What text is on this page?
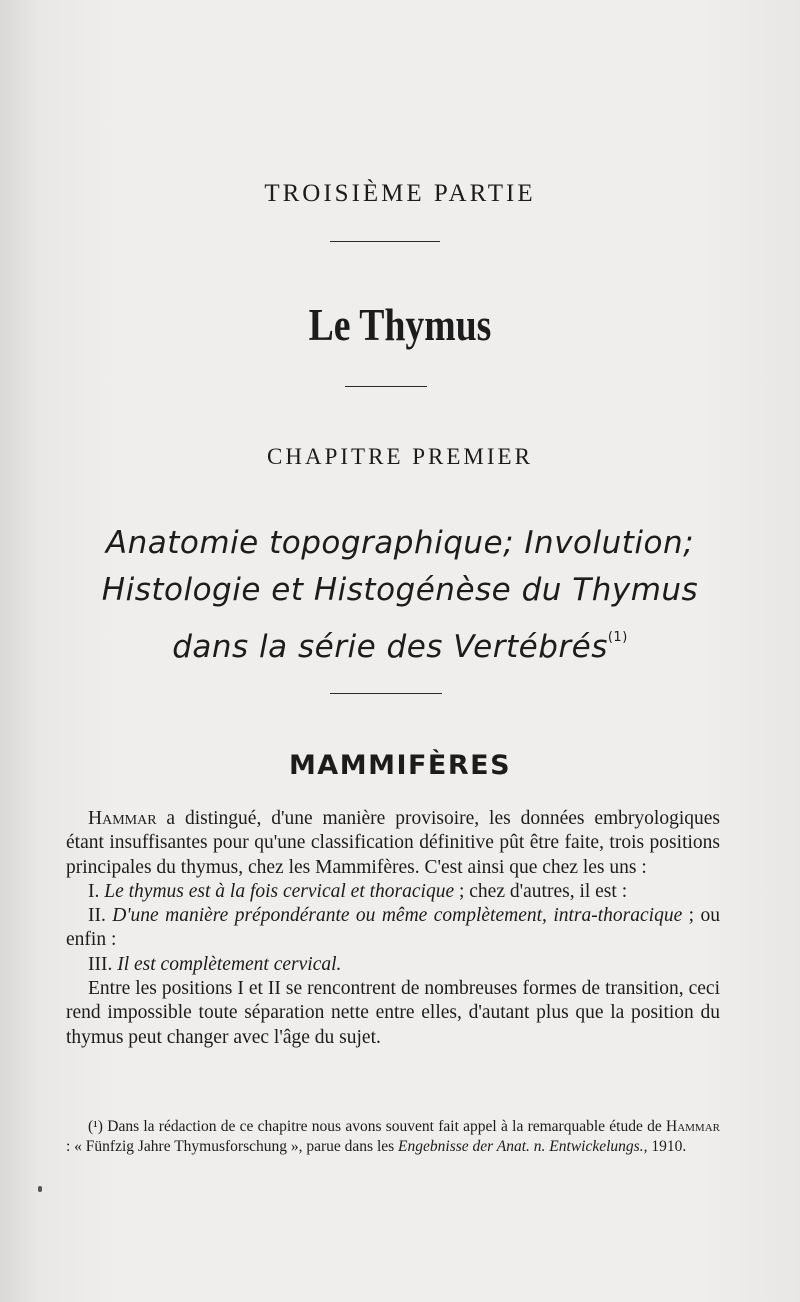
TROISIÈME PARTIE
Le Thymus
CHAPITRE PREMIER
Anatomie topographique; Involution;
Histologie et Histogénèse du Thymus
dans la série des Vertébrés$^{(1)}$
MAMMIFÈRES

Hammar a distingué, d'une manière provisoire, les données embryologiques étant insuffisantes pour qu'une classification définitive pût être faite, trois positions principales du thymus, chez les Mammifères. C'est ainsi que chez les uns :

I. Le thymus est à la fois cervical et thoracique ; chez d'autres, il est :

II. D'une manière prépondérante ou même complètement, intra-thoracique ; ou enfin :

III. Il est complètement cervical.

Entre les positions I et II se rencontrent de nombreuses formes de transition, ceci rend impossible toute séparation nette entre elles, d'autant plus que la position du thymus peut changer avec l'âge du sujet.

(¹) Dans la rédaction de ce chapitre nous avons souvent fait appel à la remarquable étude de Hammar : « Fünfzig Jahre Thymusforschung », parue dans les Engebnisse der Anat. n. Entwickelungs., 1910.
